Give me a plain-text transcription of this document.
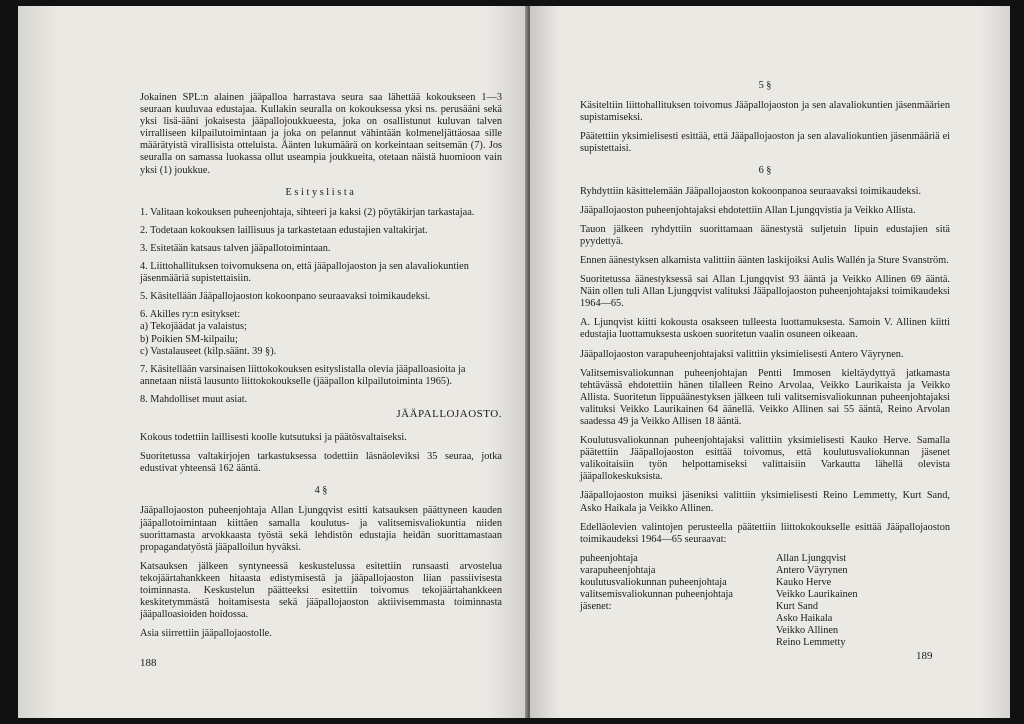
Jokainen SPL:n alainen jääpalloa harrastava seura saa lähettää kokoukseen 1—3 seuraan kuuluvaa edustajaa. Kullakin seuralla on kokouksessa yksi ns. perusääni sekä yksi lisä-ääni jokaisesta jääpallojoukkueesta, joka on osallistunut kuluvan talven virralliseen kilpailutoimintaan ja joka on pelannut vähintään kolmeneljättäosaa sille määrätyistä virallisista otteluista. Äänten lukumäärä on korkeintaan seitsemän (7). Jos seuralla on samassa luokassa ollut useampia joukkueita, otetaan näistä huomioon vain yksi (1) joukkue.

Esityslista
1. Valitaan kokouksen puheenjohtaja, sihteeri ja kaksi (2) pöytäkirjan tarkastajaa.
2. Todetaan kokouksen laillisuus ja tarkastetaan edustajien valtakirjat.
3. Esitetään katsaus talven jääpallotoimintaan.
4. Liittohallituksen toivomuksena on, että jääpallojaoston ja sen alavaliokuntien jäsenmääriä supistettaisiin.
5. Käsitellään Jääpallojaoston kokoonpano seuraavaksi toimikaudeksi.
6. Akilles ry:n esitykset:
a) Tekojäädat ja valaistus;
b) Poikien SM-kilpailu;
c) Vastalauseet (kilp.säänt. 39 §).
7. Käsitellään varsinaisen liittokokouksen esityslistalla olevia jääpalloasioita ja annetaan niistä lausunto liittokokoukselle (jääpallon kilpailutoiminta 1965).
8. Mahdolliset muut asiat.
JÄÄPALLOJAOSTO.

Kokous todettiin laillisesti koolle kutsutuksi ja päätösvaltaiseksi.

Suoritetussa valtakirjojen tarkastuksessa todettiin läsnäoleviksi 35 seuraa, jotka edustivat yhteensä 162 ääntä.

4 §

Jääpallojaoston puheenjohtaja Allan Ljungqvist esitti katsauksen päättyneen kauden jääpallotoimintaan kiittäen samalla koulutus- ja valitsemisvaliokuntia niiden suorittamasta arvokkaasta työstä sekä lehdistön edustajia heidän suorittamastaan propagandatyöstä jääpalloilun hyväksi.

Katsauksen jälkeen syntyneessä keskustelussa esitettiin runsaasti arvostelua tekojäärtahankkeen hitaasta edistymisestä ja jääpallojaoston liian passiivisesta toiminnasta. Keskustelun päätteeksi esitettiin toivomus tekojäärtahankkeen keskitetymmästä hoitamisesta sekä jääpallojaoston aktiivisemmasta toiminnasta jääpalloasioiden hoidossa.

Asia siirrettiin jääpallojaostolle.

188
5 §

Käsiteltiin liittohallituksen toivomus Jääpallojaoston ja sen alavaliokuntien jäsenmäärien supistamiseksi.

Päätettiin yksimielisesti esittää, että Jääpallojaoston ja sen alavaliokuntien jäsenmääriä ei supistettaisi.

6 §

Ryhdyttiin käsittelemään Jääpallojaoston kokoonpanoa seuraavaksi toimikaudeksi.

Jääpallojaoston puheenjohtajaksi ehdotettiin Allan Ljungqvistia ja Veikko Allista.

Tauon jälkeen ryhdyttiin suorittamaan äänestystä suljetuin lipuin edustajien sitä pyydettyä.

Ennen äänestyksen alkamista valittiin äänten laskijoiksi Aulis Wallén ja Sture Svanström.

Suoritetussa äänestyksessä sai Allan Ljungqvist 93 ääntä ja Veikko Allinen 69 ääntä. Näin ollen tuli Allan Ljungqvist valituksi Jääpallojaoston puheenjohtajaksi toimikaudeksi 1964—65.

A. Ljunqvist kiitti kokousta osakseen tulleesta luottamuksesta. Samoin V. Allinen kiitti edustajia luottamuksesta uskoen suoritetun vaalin osuneen oikeaan.

Jääpallojaoston varapuheenjohtajaksi valittiin yksimielisesti Antero Väyrynen.

Valitsemisvaliokunnan puheenjohtajan Pentti Immosen kieltäydyttyä jatkamasta tehtävässä ehdotettiin hänen tilalleen Reino Arvolaa, Veikko Laurikaista ja Veikko Allista. Suoritetun lippuäänestyksen jälkeen tuli valitsemisvaliokunnan puheenjohtajaksi valituksi Veikko Laurikainen 64 äänellä. Veikko Allinen sai 55 ääntä, Reino Arvolan saadessa 49 ja Veikko Allisen 18 ääntä.

Koulutusvaliokunnan puheenjohtajaksi valittiin yksimielisesti Kauko Herve. Samalla päätettiin Jääpallojaoston esittää toivomus, että koulutusvaliokunnan jäsenet valikoitaisiin työn helpottamiseksi valittaisiin Varkautta lähellä olevista jääpallokeskuksista.

Jääpallojaoston muiksi jäseniksi valittiin yksimielisesti Reino Lemmetty, Kurt Sand, Asko Haikala ja Veikko Allinen.

Edelläolevien valintojen perusteella päätettiin liittokokoukselle esittää Jääpallojaoston toimikaudeksi 1964—65 seuraavat:

puheenjohtaja	Allan Ljungqvist
varapuheenjohtaja	Antero Väyrynen
koulutusvaliokunnan puheenjohtaja	Kauko Herve
valitsemisvaliokunnan puheenjohtaja	Veikko Laurikainen
jäsenet:	Kurt Sand
	Asko Haikala
	Veikko Allinen
	Reino Lemmetty
189
